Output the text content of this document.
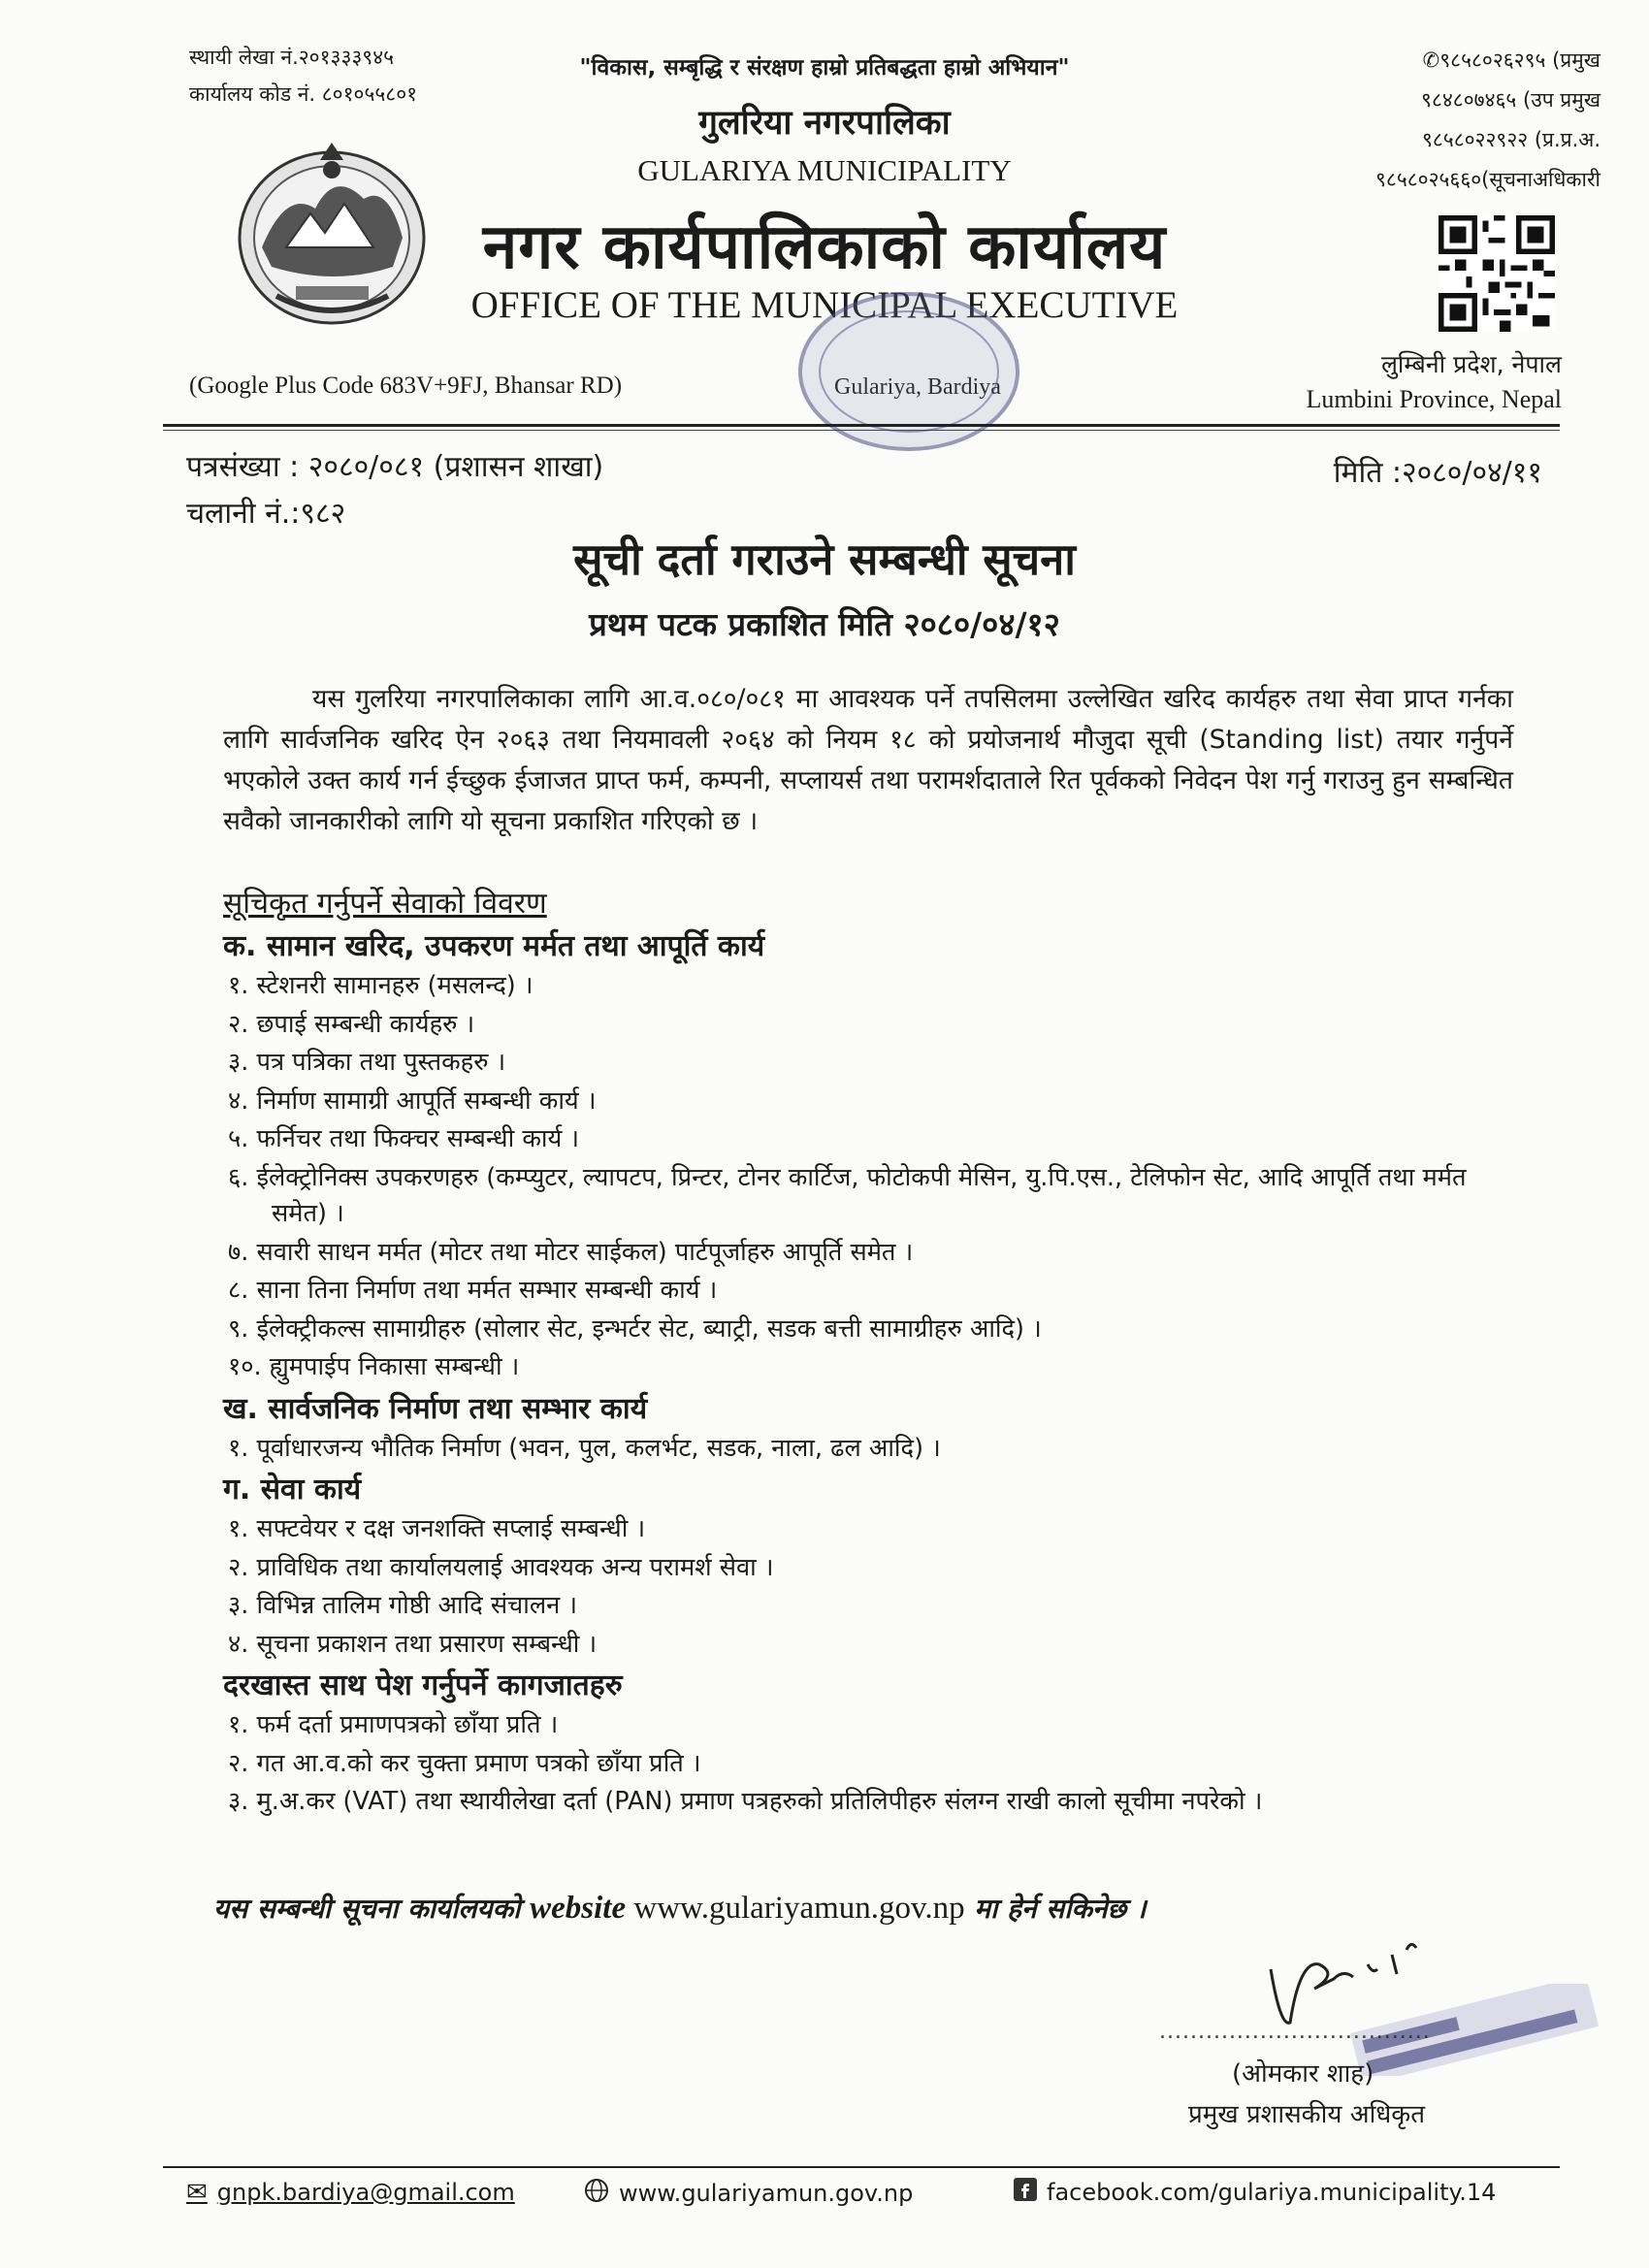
स्थायी लेखा नं.२०१३३३९४५
कार्यालय कोड नं. ८०१०५५८०१
"विकास, सम्बृद्धि र संरक्षण हाम्रो प्रतिबद्धता हाम्रो अभियान"
गुलरिया नगरपालिका
GULARIYA MUNICIPALITY
नगर कार्यपालिकाको कार्यालय
OFFICE OF THE MUNICIPAL EXECUTIVE
✆९८५८०२६२९५ (प्रमुख
९८४८०७४६५ (उप प्रमुख
९८५८०२२९२२ (प्र.प्र.अ.
९८५८०२५६६०(सूचनाअधिकारी
(Google Plus Code 683V+9FJ, Bhansar RD)	Gulariya, Bardiya
लुम्बिनी प्रदेश, नेपाल
Lumbini Province, Nepal
पत्रसंख्या : २०८०/०८१ (प्रशासन शाखा)
चलानी नं.:९८२
मिति :२०८०/०४/११
सूची दर्ता गराउने सम्बन्धी सूचना
प्रथम पटक प्रकाशित मिति २०८०/०४/१२
यस गुलरिया नगरपालिकाका लागि आ.व.०८०/०८१ मा आवश्यक पर्ने तपसिलमा उल्लेखित खरिद कार्यहरु तथा सेवा प्राप्त गर्नका लागि सार्वजनिक खरिद ऐन २०६३ तथा नियमावली २०६४ को नियम १८ को प्रयोजनार्थ मौजुदा सूची (Standing list) तयार गर्नुपर्ने भएकोले उक्त कार्य गर्न ईच्छुक ईजाजत प्राप्त फर्म, कम्पनी, सप्लायर्स तथा परामर्शदाताले रित पूर्वकको निवेदन पेश गर्नु गराउनु हुन सम्बन्धित सवैको जानकारीको लागि यो सूचना प्रकाशित गरिएको छ ।
सूचिकृत गर्नुपर्ने सेवाको विवरण
क. सामान खरिद, उपकरण मर्मत तथा आपूर्ति कार्य
१. स्टेशनरी सामानहरु (मसलन्द) ।
२. छपाई सम्बन्धी कार्यहरु ।
३. पत्र पत्रिका तथा पुस्तकहरु ।
४. निर्माण सामाग्री आपूर्ति सम्बन्धी कार्य ।
५. फर्निचर तथा फिक्चर सम्बन्धी कार्य ।
६. ईलेक्ट्रोनिक्स उपकरणहरु (कम्प्युटर, ल्यापटप, प्रिन्टर, टोनर कार्टिज, फोटोकपी मेसिन, यु.पि.एस., टेलिफोन सेट, आदि आपूर्ति तथा मर्मत समेत) ।
७. सवारी साधन मर्मत (मोटर तथा मोटर साईकल) पार्टपूर्जाहरु आपूर्ति समेत ।
८. साना तिना निर्माण तथा मर्मत सम्भार सम्बन्धी कार्य ।
९. ईलेक्ट्रीकल्स सामाग्रीहरु (सोलार सेट, इन्भर्टर सेट, ब्याट्री, सडक बत्ती सामाग्रीहरु आदि) ।
१०. ह्युमपाईप निकासा सम्बन्धी ।
ख. सार्वजनिक निर्माण तथा सम्भार कार्य
१. पूर्वाधारजन्य भौतिक निर्माण (भवन, पुल, कलर्भट, सडक, नाला, ढल आदि) ।
ग. सेवा कार्य
१. सफ्टवेयर र दक्ष जनशक्ति सप्लाई सम्बन्धी ।
२. प्राविधिक तथा कार्यालयलाई आवश्यक अन्य परामर्श सेवा ।
३. विभिन्न तालिम गोष्ठी आदि संचालन ।
४. सूचना प्रकाशन तथा प्रसारण सम्बन्धी ।
दरखास्त साथ पेश गर्नुपर्ने कागजातहरु
१. फर्म दर्ता प्रमाणपत्रको छाँया प्रति ।
२. गत आ.व.को कर चुक्ता प्रमाण पत्रको छाँया प्रति ।
३. मु.अ.कर (VAT) तथा स्थायीलेखा दर्ता (PAN) प्रमाण पत्रहरुको प्रतिलिपीहरु संलग्न राखी कालो सूचीमा नपरेको ।
यस सम्बन्धी सूचना कार्यालयको website www.gulariyamun.gov.np मा हेर्न सकिनेछ ।
...................................
(ओमकार शाह)
प्रमुख प्रशासकीय अधिकृत
✉ gnpk.bardiya@gmail.com	www.gulariyamun.gov.np	facebook.com/gulariya.municipality.14
